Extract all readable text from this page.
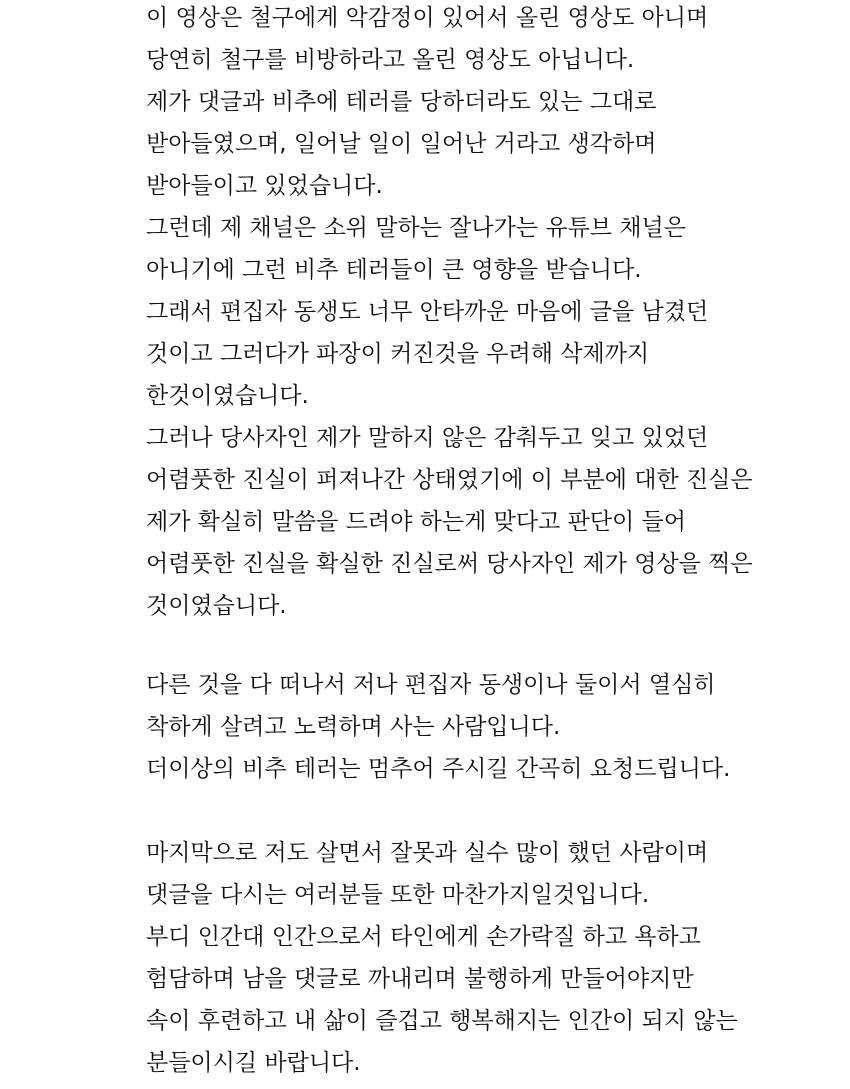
이 영상은 철구에게 악감정이 있어서 올린 영상도 아니며
당연히 철구를 비방하라고 올린 영상도 아닙니다.
제가 댓글과 비추에 테러를 당하더라도 있는 그대로
받아들였으며, 일어날 일이 일어난 거라고 생각하며
받아들이고 있었습니다.
그런데 제 채널은 소위 말하는 잘나가는 유튜브 채널은
아니기에 그런 비추 테러들이 큰 영향을 받습니다.
그래서 편집자 동생도 너무 안타까운 마음에 글을 남겼던
것이고 그러다가 파장이 커진것을 우려해 삭제까지
한것이였습니다.
그러나 당사자인 제가 말하지 않은 감춰두고 잊고 있었던
어렴풋한 진실이 퍼져나간 상태였기에 이 부분에 대한 진실은
제가 확실히 말씀을 드려야 하는게 맞다고 판단이 들어
어렴풋한 진실을 확실한 진실로써 당사자인 제가 영상을 찍은
것이였습니다.
다른 것을 다 떠나서 저나 편집자 동생이나 둘이서 열심히
착하게 살려고 노력하며 사는 사람입니다.
더이상의 비추 테러는 멈추어 주시길 간곡히 요청드립니다.
마지막으로 저도 살면서 잘못과 실수 많이 했던 사람이며
댓글을 다시는 여러분들 또한 마찬가지일것입니다.
부디 인간대 인간으로서 타인에게 손가락질 하고 욕하고
험담하며 남을 댓글로 까내리며 불행하게 만들어야지만
속이 후련하고 내 삶이 즐겁고 행복해지는 인간이 되지 않는
분들이시길 바랍니다.
